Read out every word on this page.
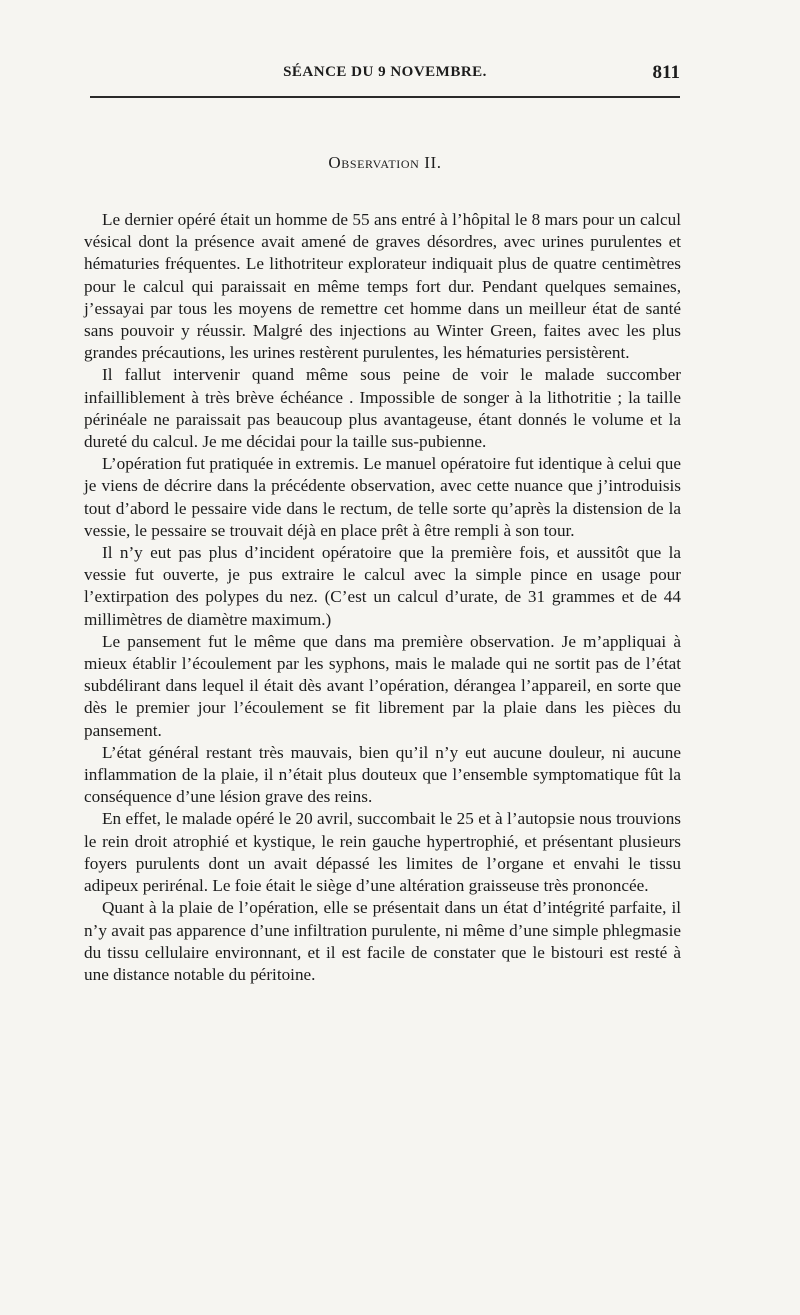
SÉANCE DU 9 NOVEMBRE.	811
Observation II.

Le dernier opéré était un homme de 55 ans entré à l’hôpital le 8 mars pour un calcul vésical dont la présence avait amené de graves désordres, avec urines purulentes et hématuries fréquentes. Le lithotriteur explorateur indiquait plus de quatre centimètres pour le calcul qui paraissait en même temps fort dur. Pendant quelques semaines, j’essayai par tous les moyens de remettre cet homme dans un meilleur état de santé sans pouvoir y réussir. Malgré des injections au Winter Green, faites avec les plus grandes précautions, les urines restèrent purulentes, les hématuries persistèrent.

Il fallut intervenir quand même sous peine de voir le malade succomber infailliblement à très brève échéance . Impossible de songer à la lithotritie ; la taille périnéale ne paraissait pas beaucoup plus avantageuse, étant donnés le volume et la dureté du calcul. Je me décidai pour la taille sus-pubienne.

L’opération fut pratiquée in extremis. Le manuel opératoire fut identique à celui que je viens de décrire dans la précédente observation, avec cette nuance que j’introduisis tout d’abord le pessaire vide dans le rectum, de telle sorte qu’après la distension de la vessie, le pessaire se trouvait déjà en place prêt à être rempli à son tour.

Il n’y eut pas plus d’incident opératoire que la première fois, et aussitôt que la vessie fut ouverte, je pus extraire le calcul avec la simple pince en usage pour l’extirpation des polypes du nez. (C’est un calcul d’urate, de 31 grammes et de 44 millimètres de diamètre maximum.)

Le pansement fut le même que dans ma première observation. Je m’appliquai à mieux établir l’écoulement par les syphons, mais le malade qui ne sortit pas de l’état subdélirant dans lequel il était dès avant l’opération, dérangea l’appareil, en sorte que dès le premier jour l’écoulement se fit librement par la plaie dans les pièces du pansement.

L’état général restant très mauvais, bien qu’il n’y eut aucune douleur, ni aucune inflammation de la plaie, il n’était plus douteux que l’ensemble symptomatique fût la conséquence d’une lésion grave des reins.

En effet, le malade opéré le 20 avril, succombait le 25 et à l’autopsie nous trouvions le rein droit atrophié et kystique, le rein gauche hypertrophié, et présentant plusieurs foyers purulents dont un avait dépassé les limites de l’organe et envahi le tissu adipeux perirénal. Le foie était le siège d’une altération graisseuse très prononcée.

Quant à la plaie de l’opération, elle se présentait dans un état d’intégrité parfaite, il n’y avait pas apparence d’une infiltration purulente, ni même d’une simple phlegmasie du tissu cellulaire environnant, et il est facile de constater que le bistouri est resté à une distance notable du péritoine.
